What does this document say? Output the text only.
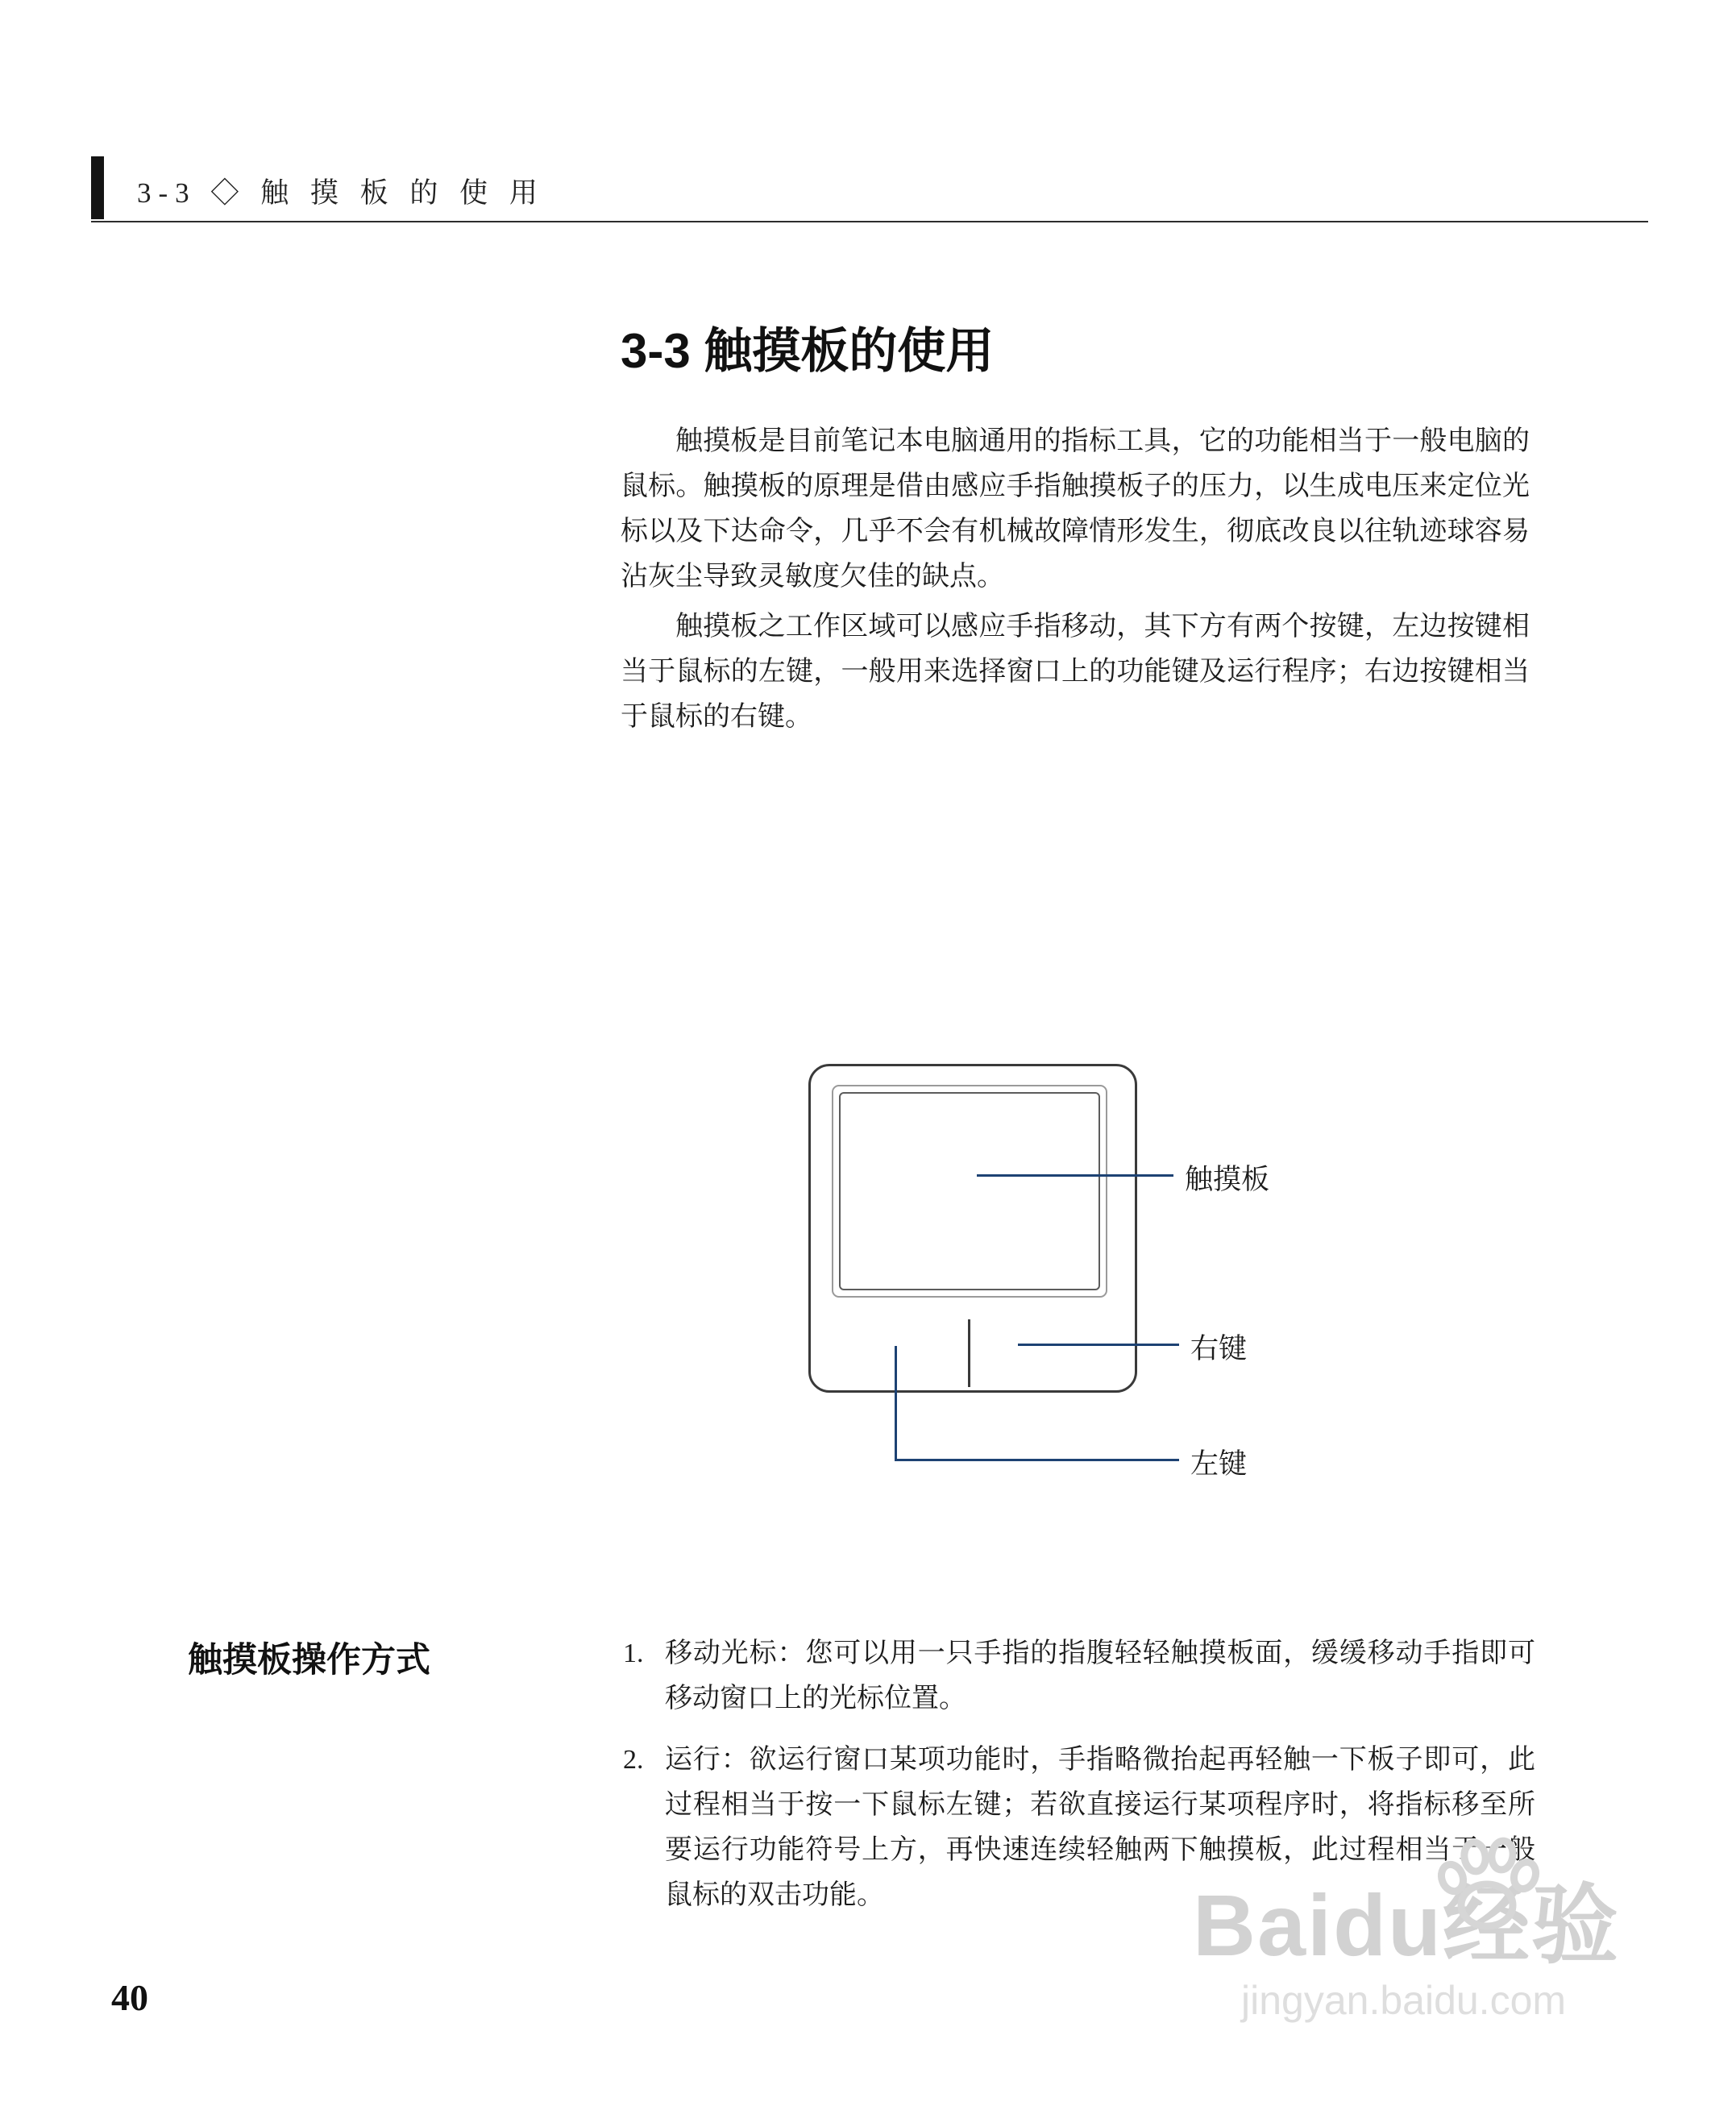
3-3 ◇ 触 摸 板 的 使 用
3-3 触摸板的使用

触摸板是目前笔记本电脑通用的指标工具，它的功能相当于一般电脑的鼠标。触摸板的原理是借由感应手指触摸板子的压力，以生成电压来定位光标以及下达命令，几乎不会有机械故障情形发生，彻底改良以往轨迹球容易沾灰尘导致灵敏度欠佳的缺点。

触摸板之工作区域可以感应手指移动，其下方有两个按键，左边按键相当于鼠标的左键，一般用来选择窗口上的功能键及运行程序；右边按键相当于鼠标的右键。

触摸板
右键
左键
触摸板操作方式	1. 移动光标：您可以用一只手指的指腹轻轻触摸板面，缓缓移动手指即可移动窗口上的光标位置。
2. 运行：欲运行窗口某项功能时，手指略微抬起再轻触一下板子即可，此过程相当于按一下鼠标左键；若欲直接运行某项程序时，将指标移至所要运行功能符号上方，再快速连续轻触两下触摸板，此过程相当于一般鼠标的双击功能。
40
Baidu经验
jingyan.baidu.com
